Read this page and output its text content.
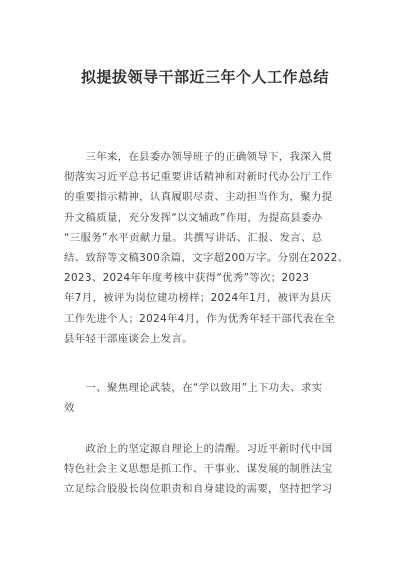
拟提拔领导干部近三年个人工作总结
　　三年来，在县委办领导班子的正确领导下，我深入贯
彻落实习近平总书记重要讲话精神和对新时代办公厅工作
的重要指示精神，认真履职尽责、主动担当作为，聚力提
升文稿质量，充分发挥“以文辅政”作用，为提高县委办
“三服务”水平贡献力量。共撰写讲话、汇报、发言、总
结、致辞等文稿300余篇，文字超200万字。分别在2022、
2023、2024年年度考核中获得“优秀”等次；2023
年7月，被评为岗位建功榜样；2024年1月，被评为县庆
工作先进个人；2024年4月，作为优秀年轻干部代表在全
县年轻干部座谈会上发言。
　　一、聚焦理论武装，在“学以致用”上下功夫、求实
效
　　政治上的坚定源自理论上的清醒。习近平新时代中国
特色社会主义思想是抓工作、干事业、谋发展的制胜法宝
立足综合股股长岗位职责和自身建设的需要，坚持把学习
